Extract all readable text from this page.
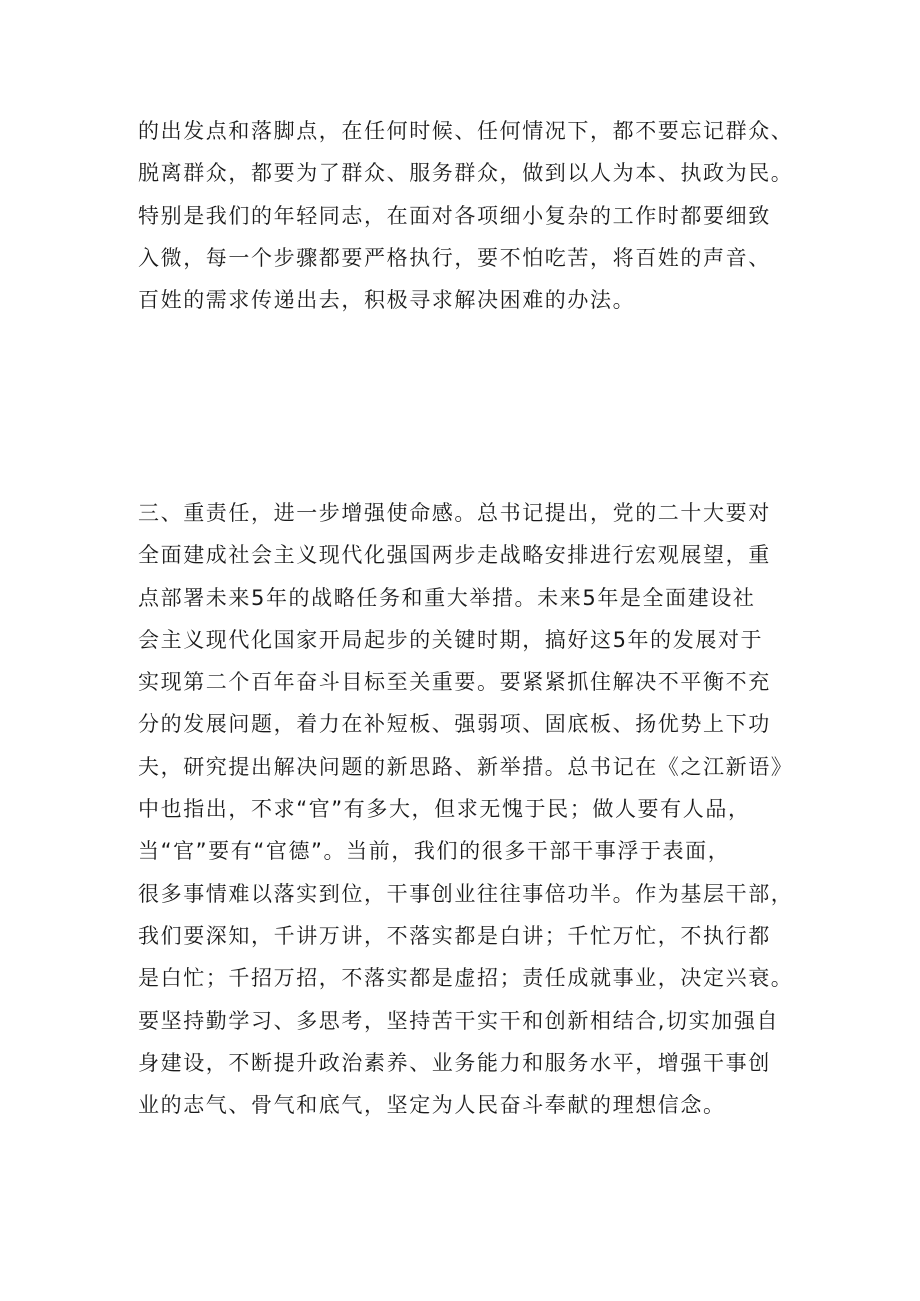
的出发点和落脚点，在任何时候、任何情况下，都不要忘记群众、
脱离群众，都要为了群众、服务群众，做到以人为本、执政为民。
特别是我们的年轻同志，在面对各项细小复杂的工作时都要细致
入微，每一个步骤都要严格执行，要不怕吃苦，将百姓的声音、
百姓的需求传递出去，积极寻求解决困难的办法。
三、重责任，进一步增强使命感。总书记提出，党的二十大要对
全面建成社会主义现代化强国两步走战略安排进行宏观展望，重
点部署未来5年的战略任务和重大举措。未来5年是全面建设社
会主义现代化国家开局起步的关键时期，搞好这5年的发展对于
实现第二个百年奋斗目标至关重要。要紧紧抓住解决不平衡不充
分的发展问题，着力在补短板、强弱项、固底板、扬优势上下功
夫，研究提出解决问题的新思路、新举措。总书记在《之江新语》
中也指出，不求“官”有多大，但求无愧于民；做人要有人品，
当“官”要有“官德”。当前，我们的很多干部干事浮于表面，
很多事情难以落实到位，干事创业往往事倍功半。作为基层干部，
我们要深知，千讲万讲，不落实都是白讲；千忙万忙，不执行都
是白忙；千招万招，不落实都是虚招；责任成就事业，决定兴衰。
要坚持勤学习、多思考，坚持苦干实干和创新相结合,切实加强自
身建设，不断提升政治素养、业务能力和服务水平，增强干事创
业的志气、骨气和底气，坚定为人民奋斗奉献的理想信念。
